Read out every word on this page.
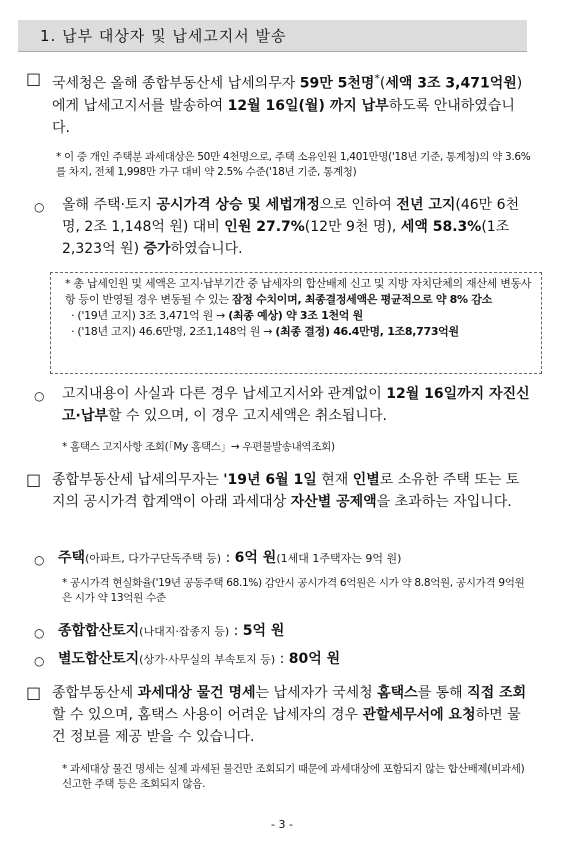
1. 납부 대상자 및 납세고지서 발송
□ 국세청은 올해 종합부동산세 납세의무자 59만 5천명*(세액 3조 3,471억원)에게 납세고지서를 발송하여 12월 16일(월) 까지 납부하도록 안내하였습니다.

* 이 중 개인 주택분 과세대상은 50만 4천명으로, 주택 소유인원 1,401만명('18년 기준, 통계청)의 약 3.6%를 차지, 전체 1,998만 가구 대비 약 2.5% 수준('18년 기준, 통계청)

○ 올해 주택·토지 공시가격 상승 및 세법개정으로 인하여 전년 고지(46만 6천 명, 2조 1,148억 원) 대비 인원 27.7%(12만 9천 명), 세액 58.3%(1조 2,323억 원) 증가하였습니다.

* 총 납세인원 및 세액은 고지·납부기간 중 납세자의 합산배제 신고 및 지방 자치단체의 재산세 변동사항 등이 반영될 경우 변동될 수 있는 잠정 수치이며, 최종결정세액은 평균적으로 약 8% 감소

· ('19년 고지) 3조 3,471억 원 → (최종 예상) 약 3조 1천억 원

· ('18년 고지) 46.6만명, 2조1,148억 원 → (최종 결정) 46.4만명, 1조8,773억원

○ 고지내용이 사실과 다른 경우 납세고지서와 관계없이 12월 16일까지 자진신고·납부할 수 있으며, 이 경우 고지세액은 취소됩니다.

* 홈택스 고지사항 조회(「My 홈택스」→ 우편물발송내역조회)

□ 종합부동산세 납세의무자는 '19년 6월 1일 현재 인별로 소유한 주택 또는 토지의 공시가격 합계액이 아래 과세대상 자산별 공제액을 초과하는 자입니다.

○ 주택(아파트, 다가구단독주택 등) : 6억 원(1세대 1주택자는 9억 원)

* 공시가격 현실화율('19년 공동주택 68.1%) 감안시 공시가격 6억원은 시가 약 8.8억원, 공시가격 9억원은 시가 약 13억원 수준

○ 종합합산토지(나대지·잡종지 등) : 5억 원

○ 별도합산토지(상가·사무실의 부속토지 등) : 80억 원

□ 종합부동산세 과세대상 물건 명세는 납세자가 국세청 홈택스를 통해 직접 조회할 수 있으며, 홈택스 사용이 어려운 납세자의 경우 관할세무서에 요청하면 물건 정보를 제공 받을 수 있습니다.

* 과세대상 물건 명세는 실제 과세된 물건만 조회되기 때문에 과세대상에 포함되지 않는 합산배제(비과세) 신고한 주택 등은 조회되지 않음.

- 3 -
